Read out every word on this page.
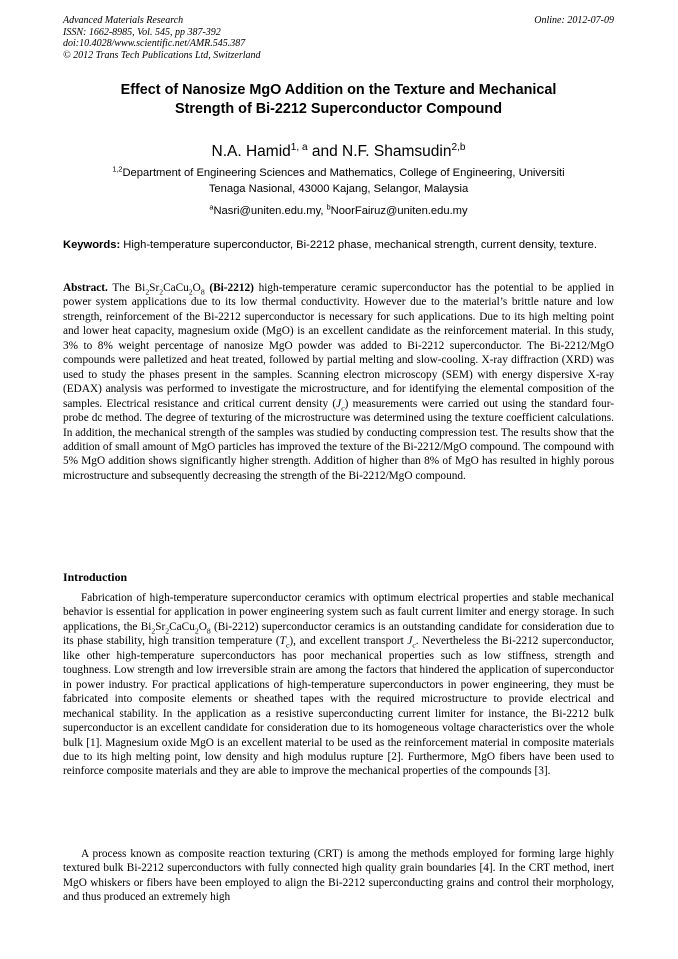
Advanced Materials Research
ISSN: 1662-8985, Vol. 545, pp 387-392
doi:10.4028/www.scientific.net/AMR.545.387
© 2012 Trans Tech Publications Ltd, Switzerland
Online: 2012-07-09
Effect of Nanosize MgO Addition on the Texture and Mechanical
Strength of Bi-2212 Superconductor Compound
N.A. Hamid$^{1, a}$ and N.F. Shamsudin$^{2,b}$
$^{1,2}$Department of Engineering Sciences and Mathematics, College of Engineering, Universiti
Tenaga Nasional, 43000 Kajang, Selangor, Malaysia
$^a$Nasri@uniten.edu.my, $^b$NoorFairuz@uniten.edu.my
Keywords: High-temperature superconductor, Bi-2212 phase, mechanical strength, current density, texture.
Abstract. The $Bi_2Sr_2CaCu_2O_8$ (Bi-2212) high-temperature ceramic superconductor has the potential to be applied in power system applications due to its low thermal conductivity. However due to the material’s brittle nature and low strength, reinforcement of the Bi-2212 superconductor is necessary for such applications. Due to its high melting point and lower heat capacity, magnesium oxide (MgO) is an excellent candidate as the reinforcement material. In this study, 3% to 8% weight percentage of nanosize MgO powder was added to Bi-2212 superconductor. The Bi-2212/MgO compounds were palletized and heat treated, followed by partial melting and slow-cooling. X-ray diffraction (XRD) was used to study the phases present in the samples. Scanning electron microscopy (SEM) with energy dispersive X-ray (EDAX) analysis was performed to investigate the microstructure, and for identifying the elemental composition of the samples. Electrical resistance and critical current density $(J_c)$ measurements were carried out using the standard four-probe dc method. The degree of texturing of the microstructure was determined using the texture coefficient calculations. In addition, the mechanical strength of the samples was studied by conducting compression test. The results show that the addition of small amount of MgO particles has improved the texture of the Bi-2212/MgO compound. The compound with 5% MgO addition shows significantly higher strength. Addition of higher than 8% of MgO has resulted in highly porous microstructure and subsequently decreasing the strength of the Bi-2212/MgO compound.
Introduction

Fabrication of high-temperature superconductor ceramics with optimum electrical properties and stable mechanical behavior is essential for application in power engineering system such as fault current limiter and energy storage. In such applications, the $Bi_2Sr_2CaCu_2O_8$ (Bi-2212) superconductor ceramics is an outstanding candidate for consideration due to its phase stability, high transition temperature $(T_c)$, and excellent transport $J_c$. Nevertheless the Bi-2212 superconductor, like other high-temperature superconductors has poor mechanical properties such as low stiffness, strength and toughness. Low strength and low irreversible strain are among the factors that hindered the application of superconductor in power industry. For practical applications of high-temperature superconductors in power engineering, they must be fabricated into composite elements or sheathed tapes with the required microstructure to provide electrical and mechanical stability. In the application as a resistive superconducting current limiter for instance, the Bi-2212 bulk superconductor is an excellent candidate for consideration due to its homogeneous voltage characteristics over the whole bulk [1]. Magnesium oxide MgO is an excellent material to be used as the reinforcement material in composite materials due to its high melting point, low density and high modulus rupture [2]. Furthermore, MgO fibers have been used to reinforce composite materials and they are able to improve the mechanical properties of the compounds [3].

A process known as composite reaction texturing (CRT) is among the methods employed for forming large highly textured bulk Bi-2212 superconductors with fully connected high quality grain boundaries [4]. In the CRT method, inert MgO whiskers or fibers have been employed to align the Bi-2212 superconducting grains and control their morphology, and thus produced an extremely high
